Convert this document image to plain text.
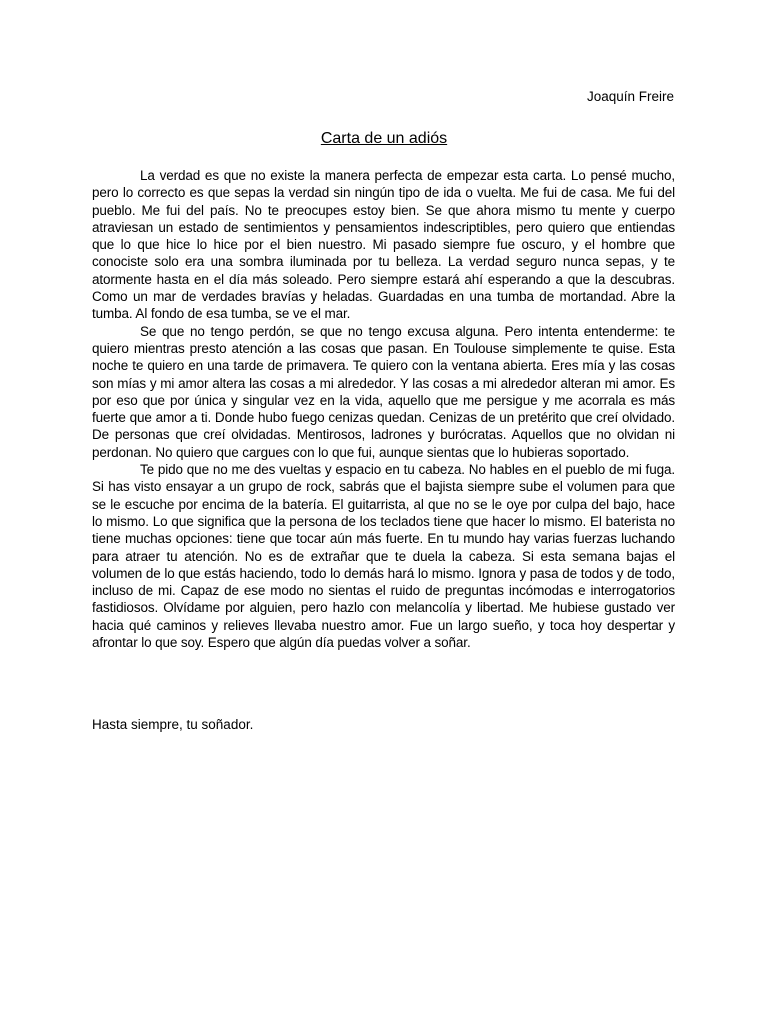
Joaquín Freire
Carta de un adiós

La verdad es que no existe la manera perfecta de empezar esta carta. Lo pensé mucho, pero lo correcto es que sepas la verdad sin ningún tipo de ida o vuelta. Me fui de casa. Me fui del pueblo. Me fui del país. No te preocupes estoy bien. Se que ahora mismo tu mente y cuerpo atraviesan un estado de sentimientos y pensamientos indescriptibles, pero quiero que entiendas que lo que hice lo hice por el bien nuestro. Mi pasado siempre fue oscuro, y el hombre que conociste solo era una sombra iluminada por tu belleza. La verdad seguro nunca sepas, y te atormente hasta en el día más soleado. Pero siempre estará ahí esperando a que la descubras. Como un mar de verdades bravías y heladas. Guardadas en una tumba de mortandad. Abre la tumba. Al fondo de esa tumba, se ve el mar.

Se que no tengo perdón, se que no tengo excusa alguna. Pero intenta entenderme: te quiero mientras presto atención a las cosas que pasan. En Toulouse simplemente te quise. Esta noche te quiero en una tarde de primavera. Te quiero con la ventana abierta. Eres mía y las cosas son mías y mi amor altera las cosas a mi alrededor. Y las cosas a mi alrededor alteran mi amor. Es por eso que por única y singular vez en la vida, aquello que me persigue y me acorrala es más fuerte que amor a ti. Donde hubo fuego cenizas quedan. Cenizas de un pretérito que creí olvidado. De personas que creí olvidadas. Mentirosos, ladrones y burócratas. Aquellos que no olvidan ni perdonan. No quiero que cargues con lo que fui, aunque sientas que lo hubieras soportado.

Te pido que no me des vueltas y espacio en tu cabeza. No hables en el pueblo de mi fuga. Si has visto ensayar a un grupo de rock, sabrás que el bajista siempre sube el volumen para que se le escuche por encima de la batería. El guitarrista, al que no se le oye por culpa del bajo, hace lo mismo. Lo que significa que la persona de los teclados tiene que hacer lo mismo. El baterista no tiene muchas opciones: tiene que tocar aún más fuerte. En tu mundo hay varias fuerzas luchando para atraer tu atención. No es de extrañar que te duela la cabeza. Si esta semana bajas el volumen de lo que estás haciendo, todo lo demás hará lo mismo. Ignora y pasa de todos y de todo, incluso de mi. Capaz de ese modo no sientas el ruido de preguntas incómodas e interrogatorios fastidiosos. Olvídame por alguien, pero hazlo con melancolía y libertad. Me hubiese gustado ver hacia qué caminos y relieves llevaba nuestro amor. Fue un largo sueño, y toca hoy despertar y afrontar lo que soy. Espero que algún día puedas volver a soñar.

Hasta siempre, tu soñador.
